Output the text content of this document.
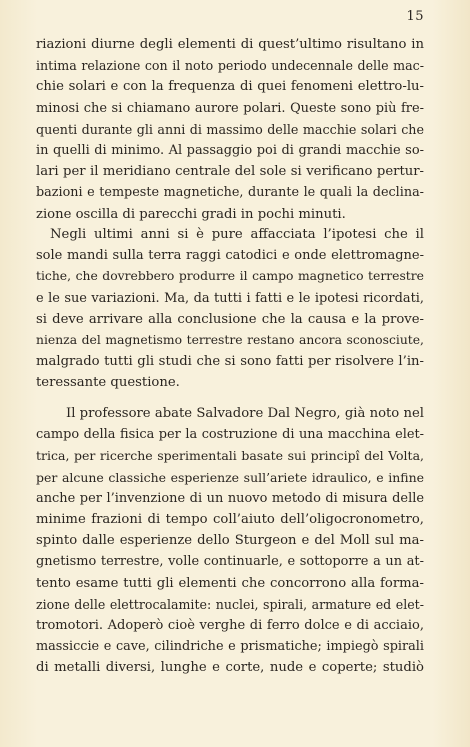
15
riazioni diurne degli elementi di quest’ultimo risultano in
intima relazione con il noto periodo undecennale delle mac-
chie solari e con la frequenza di quei fenomeni elettro-lu-
minosi che si chiamano aurore polari. Queste sono più fre-
quenti durante gli anni di massimo delle macchie solari che
in quelli di minimo. Al passaggio poi di grandi macchie so-
lari per il meridiano centrale del sole si verificano pertur-
bazioni e tempeste magnetiche, durante le quali la declina-
zione oscilla di parecchi gradi in pochi minuti.
Negli ultimi anni si è pure affacciata l’ipotesi che il
sole mandi sulla terra raggi catodici e onde elettromagne-
tiche, che dovrebbero produrre il campo magnetico terrestre
e le sue variazioni. Ma, da tutti i fatti e le ipotesi ricordati,
si deve arrivare alla conclusione che la causa e la prove-
nienza del magnetismo terrestre restano ancora sconosciute,
malgrado tutti gli studi che si sono fatti per risolvere l’in-
teressante questione.
Il professore abate Salvadore Dal Negro, già noto nel
campo della fisica per la costruzione di una macchina elet-
trica, per ricerche sperimentali basate sui principî del Volta,
per alcune classiche esperienze sull’ariete idraulico, e infine
anche per l’invenzione di un nuovo metodo di misura delle
minime frazioni di tempo coll’aiuto dell’oligocronometro,
spinto dalle esperienze dello Sturgeon e del Moll sul ma-
gnetismo terrestre, volle continuarle, e sottoporre a un at-
tento esame tutti gli elementi che concorrono alla forma-
zione delle elettrocalamite: nuclei, spirali, armature ed elet-
tromotori. Adoperò cioè verghe di ferro dolce e di acciaio,
massiccie e cave, cilindriche e prismatiche; impiegò spirali
di metalli diversi, lunghe e corte, nude e coperte; studiò
